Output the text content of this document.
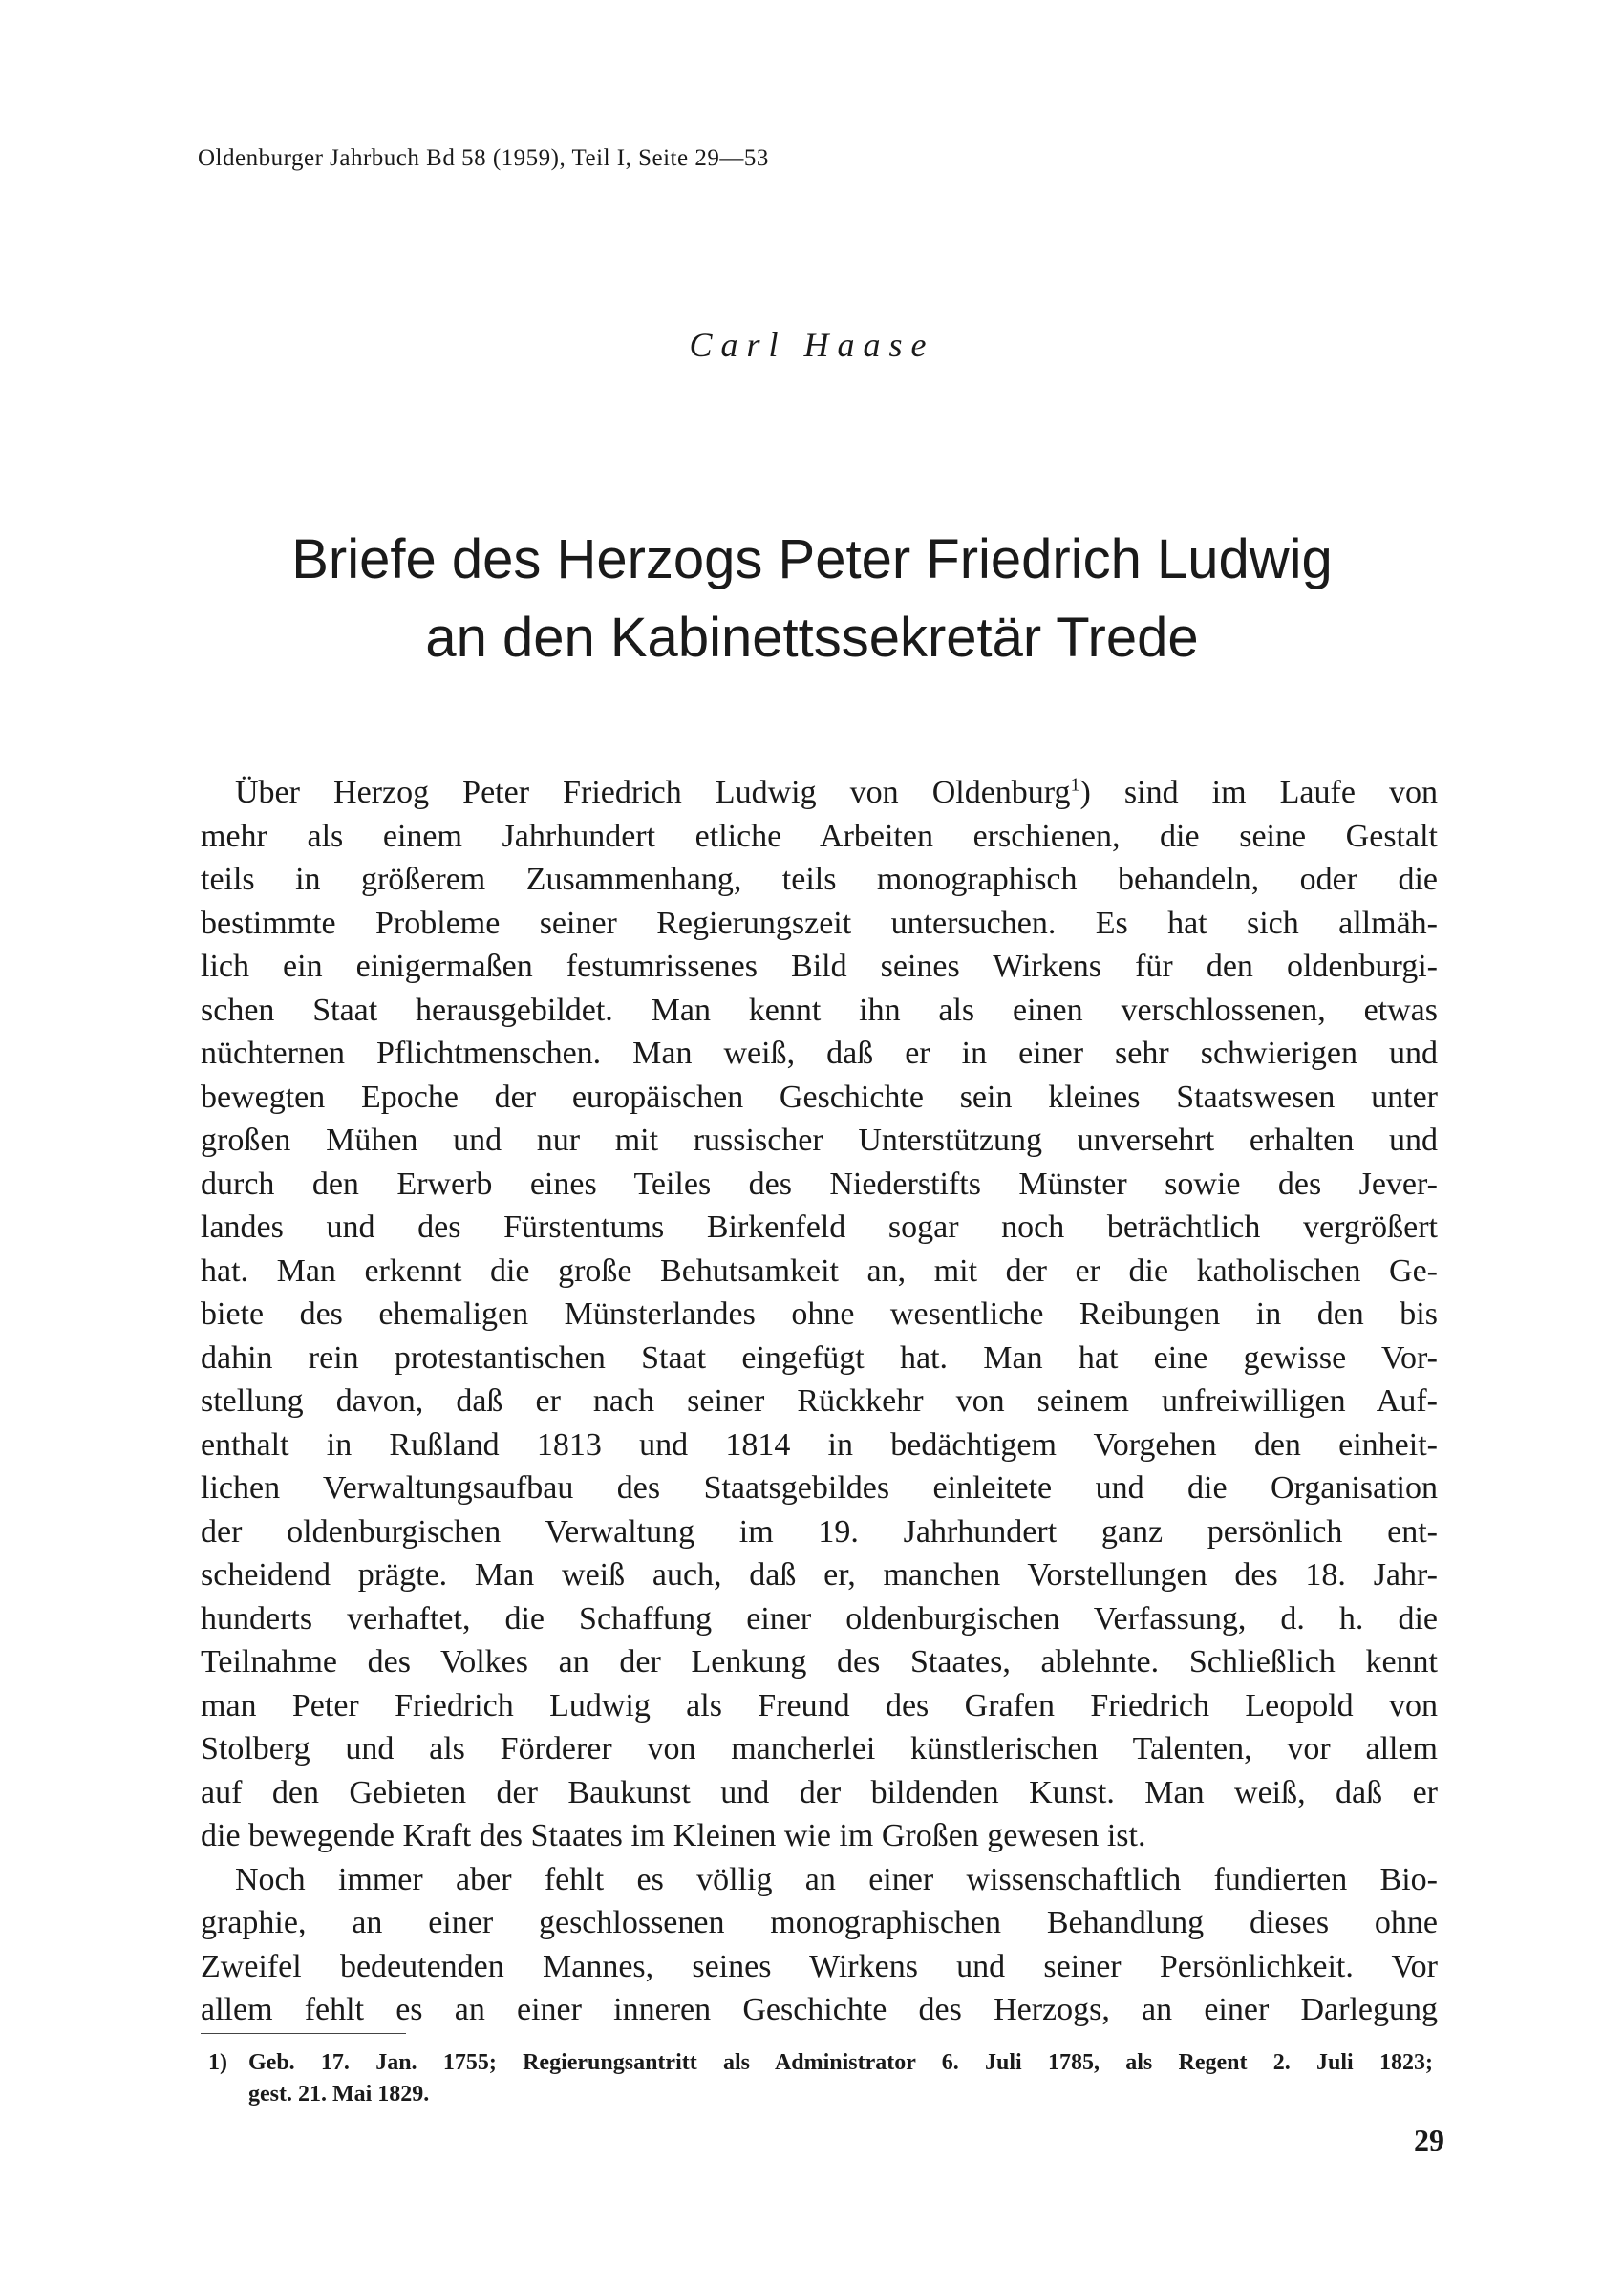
Oldenburger Jahrbuch Bd 58 (1959), Teil I, Seite 29—53
Carl Haase
Briefe des Herzogs Peter Friedrich Ludwig
an den Kabinettssekretär Trede
Über Herzog Peter Friedrich Ludwig von Oldenburg$^1$) sind im Laufe von
mehr als einem Jahrhundert etliche Arbeiten erschienen, die seine Gestalt
teils in größerem Zusammenhang, teils monographisch behandeln, oder die
bestimmte Probleme seiner Regierungszeit untersuchen. Es hat sich allmäh-
lich ein einigermaßen festumrissenes Bild seines Wirkens für den oldenburgi-
schen Staat herausgebildet. Man kennt ihn als einen verschlossenen, etwas
nüchternen Pflichtmenschen. Man weiß, daß er in einer sehr schwierigen und
bewegten Epoche der europäischen Geschichte sein kleines Staatswesen unter
großen Mühen und nur mit russischer Unterstützung unversehrt erhalten und
durch den Erwerb eines Teiles des Niederstifts Münster sowie des Jever-
landes und des Fürstentums Birkenfeld sogar noch beträchtlich vergrößert
hat. Man erkennt die große Behutsamkeit an, mit der er die katholischen Ge-
biete des ehemaligen Münsterlandes ohne wesentliche Reibungen in den bis
dahin rein protestantischen Staat eingefügt hat. Man hat eine gewisse Vor-
stellung davon, daß er nach seiner Rückkehr von seinem unfreiwilligen Auf-
enthalt in Rußland 1813 und 1814 in bedächtigem Vorgehen den einheit-
lichen Verwaltungsaufbau des Staatsgebildes einleitete und die Organisation
der oldenburgischen Verwaltung im 19. Jahrhundert ganz persönlich ent-
scheidend prägte. Man weiß auch, daß er, manchen Vorstellungen des 18. Jahr-
hunderts verhaftet, die Schaffung einer oldenburgischen Verfassung, d. h. die
Teilnahme des Volkes an der Lenkung des Staates, ablehnte. Schließlich kennt
man Peter Friedrich Ludwig als Freund des Grafen Friedrich Leopold von
Stolberg und als Förderer von mancherlei künstlerischen Talenten, vor allem
auf den Gebieten der Baukunst und der bildenden Kunst. Man weiß, daß er
die bewegende Kraft des Staates im Kleinen wie im Großen gewesen ist.
Noch immer aber fehlt es völlig an einer wissenschaftlich fundierten Bio-
graphie, an einer geschlossenen monographischen Behandlung dieses ohne
Zweifel bedeutenden Mannes, seines Wirkens und seiner Persönlichkeit. Vor
allem fehlt es an einer inneren Geschichte des Herzogs, an einer Darlegung
1) Geb. 17. Jan. 1755; Regierungsantritt als Administrator 6. Juli 1785, als Regent 2. Juli 1823;
gest. 21. Mai 1829.
29
